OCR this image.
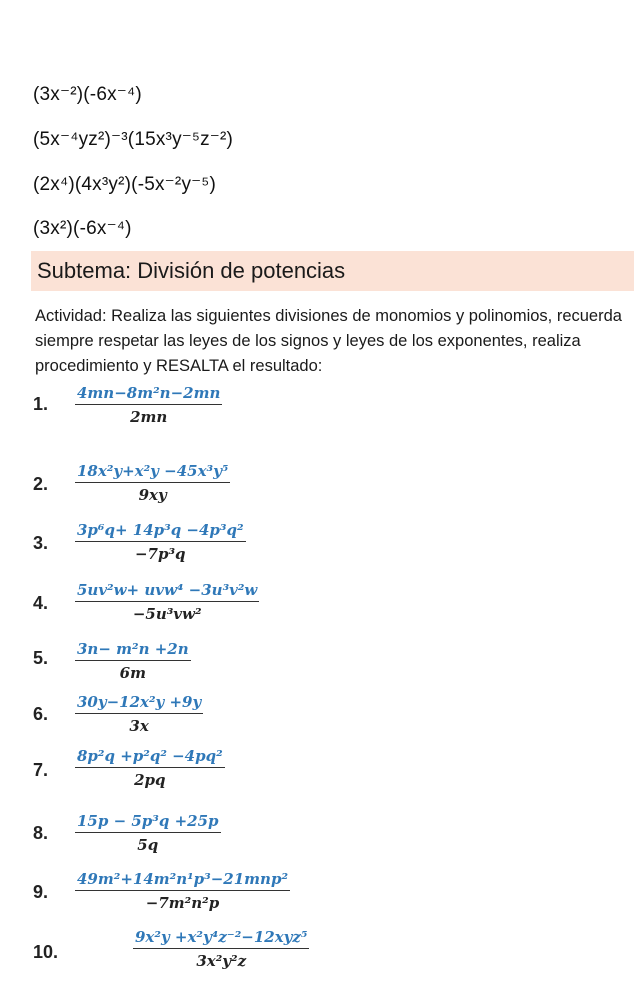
(3x⁻²)(-6x⁻⁴)
(5x⁻⁴yz²)⁻³(15x³y⁻⁵z⁻²)
(2x⁴)(4x³y²)(-5x⁻²y⁻⁵)
(3x²)(-6x⁻⁴)
Subtema: División de potencias
Actividad: Realiza las siguientes divisiones de monomios y polinomios, recuerda siempre respetar las leyes de los signos y leyes de los exponentes, realiza procedimiento y RESALTA el resultado:
1. $\frac{\text{4mn−8m²n−2mn}}{2mn}$
2. $\frac{\text{18x²y+x²y −45x³y⁵}}{9xy}$
3. $\frac{\text{3p⁶q+ 14p³q −4p³q²}}{\text{−7p³q}}$
4.
5uv²w+ uvw⁴ −3u³v²w
−5u³vw²
5. $\frac{\text{3n− m²n +2n}}{6m}$
6. $\frac{\text{30y−12x²y +9y}}{3x}$
7. $\frac{\text{8p²q +p²q² −4pq²}}{2pq}$
8. $\frac{\text{15p − 5p³q +25p}}{5q}$
9.
49m²+14m²n¹p³−21mnp²
−7m²n²p
10.
9x²y +x²y⁴z⁻²−12xyz⁵
3x²y²z
